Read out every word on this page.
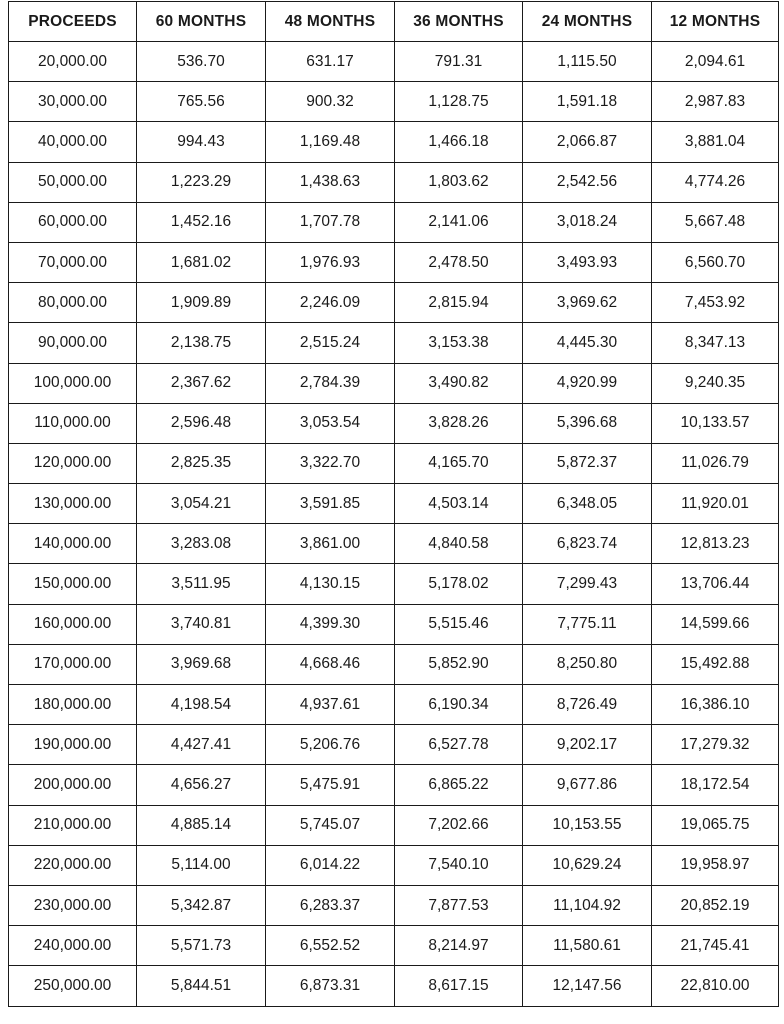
PROCEEDS	60 MONTHS	48 MONTHS	36 MONTHS	24 MONTHS	12 MONTHS
20,000.00	536.70	631.17	791.31	1,115.50	2,094.61
30,000.00	765.56	900.32	1,128.75	1,591.18	2,987.83
40,000.00	994.43	1,169.48	1,466.18	2,066.87	3,881.04
50,000.00	1,223.29	1,438.63	1,803.62	2,542.56	4,774.26
60,000.00	1,452.16	1,707.78	2,141.06	3,018.24	5,667.48
70,000.00	1,681.02	1,976.93	2,478.50	3,493.93	6,560.70
80,000.00	1,909.89	2,246.09	2,815.94	3,969.62	7,453.92
90,000.00	2,138.75	2,515.24	3,153.38	4,445.30	8,347.13
100,000.00	2,367.62	2,784.39	3,490.82	4,920.99	9,240.35
110,000.00	2,596.48	3,053.54	3,828.26	5,396.68	10,133.57
120,000.00	2,825.35	3,322.70	4,165.70	5,872.37	11,026.79
130,000.00	3,054.21	3,591.85	4,503.14	6,348.05	11,920.01
140,000.00	3,283.08	3,861.00	4,840.58	6,823.74	12,813.23
150,000.00	3,511.95	4,130.15	5,178.02	7,299.43	13,706.44
160,000.00	3,740.81	4,399.30	5,515.46	7,775.11	14,599.66
170,000.00	3,969.68	4,668.46	5,852.90	8,250.80	15,492.88
180,000.00	4,198.54	4,937.61	6,190.34	8,726.49	16,386.10
190,000.00	4,427.41	5,206.76	6,527.78	9,202.17	17,279.32
200,000.00	4,656.27	5,475.91	6,865.22	9,677.86	18,172.54
210,000.00	4,885.14	5,745.07	7,202.66	10,153.55	19,065.75
220,000.00	5,114.00	6,014.22	7,540.10	10,629.24	19,958.97
230,000.00	5,342.87	6,283.37	7,877.53	11,104.92	20,852.19
240,000.00	5,571.73	6,552.52	8,214.97	11,580.61	21,745.41
250,000.00	5,844.51	6,873.31	8,617.15	12,147.56	22,810.00
